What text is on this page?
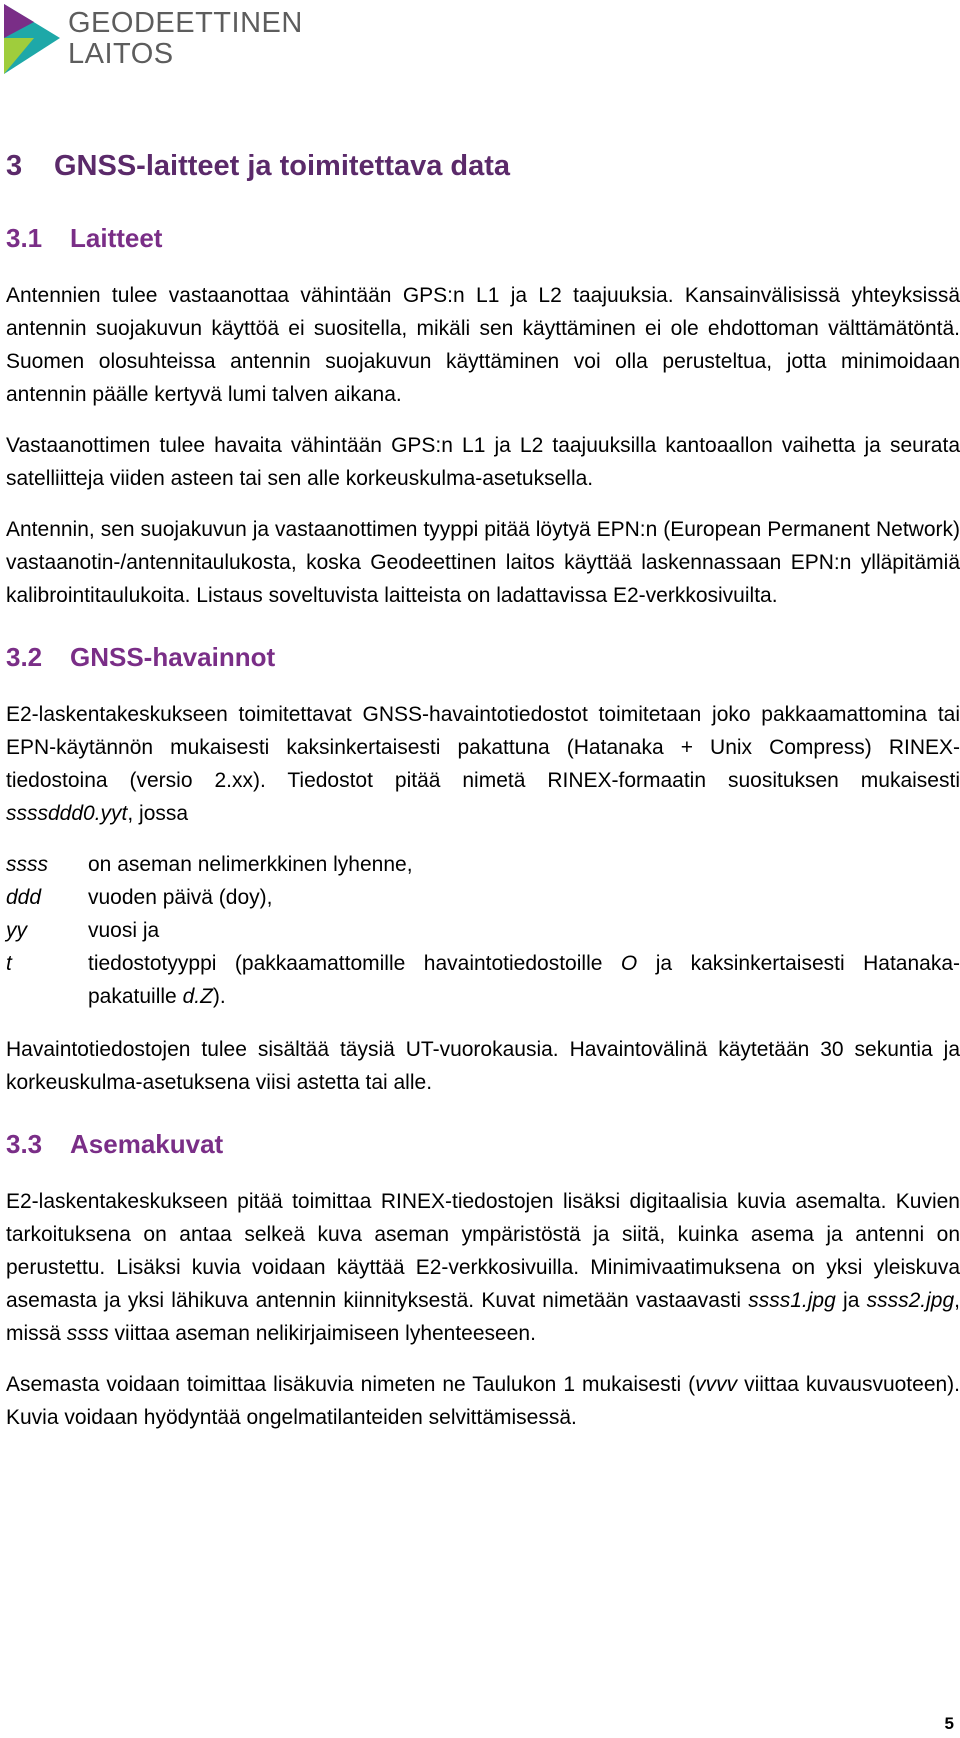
GEODEETTINEN
LAITOS
3 GNSS-laitteet ja toimitettava data
3.1 Laitteet

Antennien tulee vastaanottaa vähintään GPS:n L1 ja L2 taajuuksia. Kansainvälisissä yhteyksissä antennin suojakuvun käyttöä ei suositella, mikäli sen käyttäminen ei ole ehdottoman välttämätöntä. Suomen olosuhteissa antennin suojakuvun käyttäminen voi olla perusteltua, jotta minimoidaan antennin päälle kertyvä lumi talven aikana.

Vastaanottimen tulee havaita vähintään GPS:n L1 ja L2 taajuuksilla kantoaallon vaihetta ja seurata satelliitteja viiden asteen tai sen alle korkeuskulma-asetuksella.

Antennin, sen suojakuvun ja vastaanottimen tyyppi pitää löytyä EPN:n (European Permanent Network) vastaanotin-/antennitaulukosta, koska Geodeettinen laitos käyttää laskennassaan EPN:n ylläpitämiä kalibrointitaulukoita. Listaus soveltuvista laitteista on ladattavissa E2-verkkosivuilta.

3.2 GNSS-havainnot

E2-laskentakeskukseen toimitettavat GNSS-havaintotiedostot toimitetaan joko pakkaamattomina tai EPN-käytännön mukaisesti kaksinkertaisesti pakattuna (Hatanaka + Unix Compress) RINEX-tiedostoina (versio 2.xx). Tiedostot pitää nimetä RINEX-formaatin suosituksen mukaisesti ssssddd0.yyt, jossa

ssss	on aseman nelimerkkinen lyhenne,
ddd	vuoden päivä (doy),
yy	vuosi ja
t	tiedostotyyppi (pakkaamattomille havaintotiedostoille O ja kaksinkertaisesti Hatanaka-pakatuille d.Z).

Havaintotiedostojen tulee sisältää täysiä UT-vuorokausia. Havaintovälinä käytetään 30 sekuntia ja korkeuskulma-asetuksena viisi astetta tai alle.

3.3 Asemakuvat

E2-laskentakeskukseen pitää toimittaa RINEX-tiedostojen lisäksi digitaalisia kuvia asemalta. Kuvien tarkoituksena on antaa selkeä kuva aseman ympäristöstä ja siitä, kuinka asema ja antenni on perustettu. Lisäksi kuvia voidaan käyttää E2-verkkosivuilla. Minimivaatimuksena on yksi yleiskuva asemasta ja yksi lähikuva antennin kiinnityksestä. Kuvat nimetään vastaavasti ssss1.jpg ja ssss2.jpg, missä ssss viittaa aseman nelikirjaimiseen lyhenteeseen.

Asemasta voidaan toimittaa lisäkuvia nimeten ne Taulukon 1 mukaisesti (vvvv viittaa kuvausvuoteen). Kuvia voidaan hyödyntää ongelmatilanteiden selvittämisessä.

5
